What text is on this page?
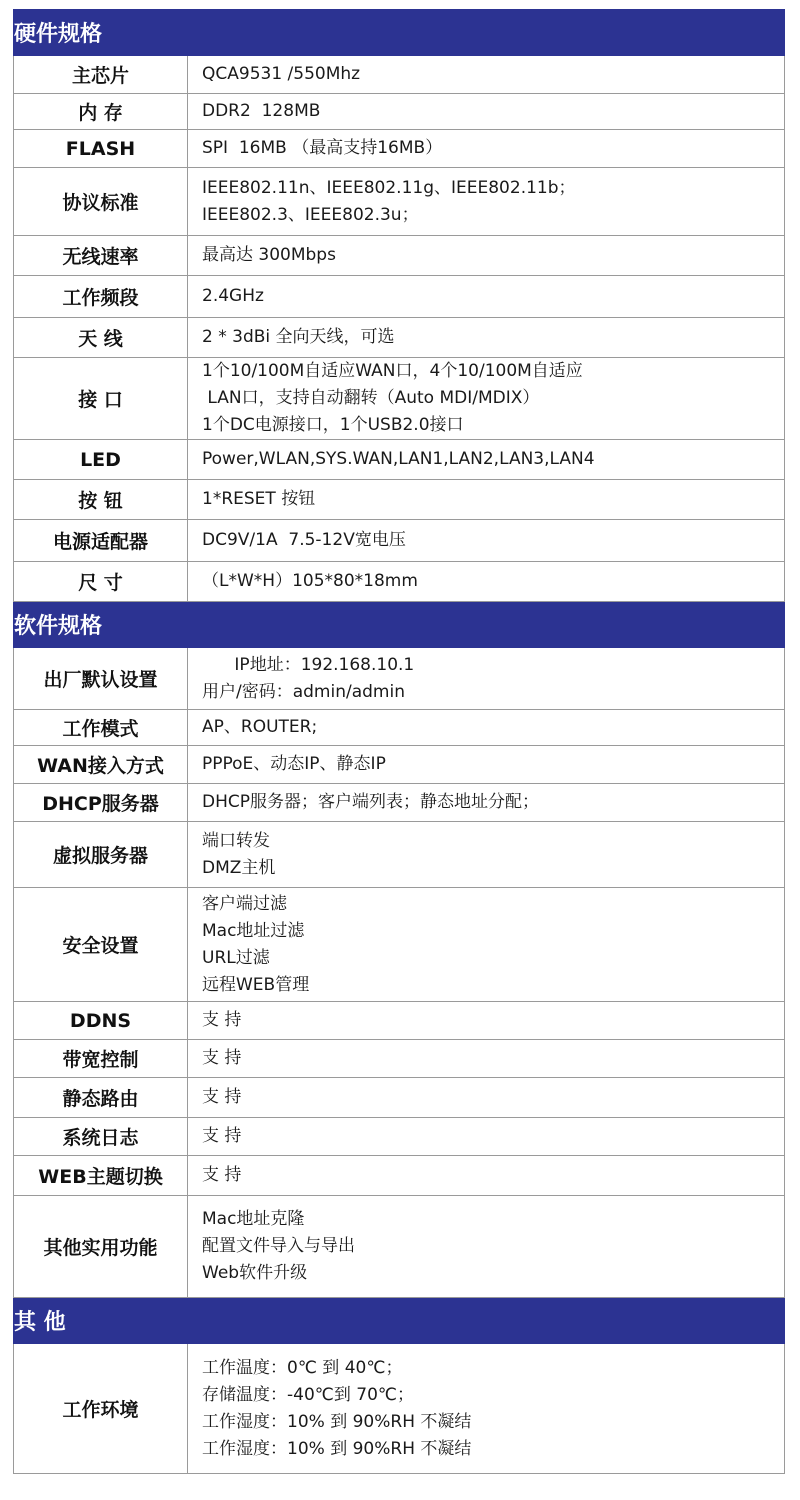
硬件规格	
主芯片	QCA9531 /550Mhz

内 存	DDR2  128MB

FLASH	SPI  16MB （最高支持16MB）

协议标准	IEEE802.11n、IEEE802.11g、IEEE802.11b；
IEEE802.3、IEEE802.3u；

无线速率	最高达 300Mbps

工作频段	2.4GHz

天 线	2 * 3dBi 全向天线，可选

接 口	1个10/100M自适应WAN口，4个10/100M自适应
LAN口，支持自动翻转（Auto MDI/MDIX）
1个DC电源接口，1个USB2.0接口

LED	Power,WLAN,SYS.WAN,LAN1,LAN2,LAN3,LAN4

按 钮	1*RESET 按钮

电源适配器	DC9V/1A  7.5-12V宽电压

尺 寸	（L*W*H）105*80*18mm

软件规格	
出厂默认设置	IP地址：192.168.10.1
用户/密码：admin/admin

工作模式	AP、ROUTER;

WAN接入方式	PPPoE、动态IP、静态IP

DHCP服务器	DHCP服务器；客户端列表；静态地址分配；

虚拟服务器	端口转发
DMZ主机

安全设置	客户端过滤
Mac地址过滤
URL过滤
远程WEB管理

DDNS	支 持

带宽控制	支 持

静态路由	支 持

系统日志	支 持

WEB主题切换	支 持

其他实用功能	Mac地址克隆
配置文件导入与导出
Web软件升级

其 他	
工作环境	工作温度：0℃ 到 40℃；
存储温度：-40℃到 70℃；
工作湿度：10% 到 90%RH 不凝结
工作湿度：10% 到 90%RH 不凝结
